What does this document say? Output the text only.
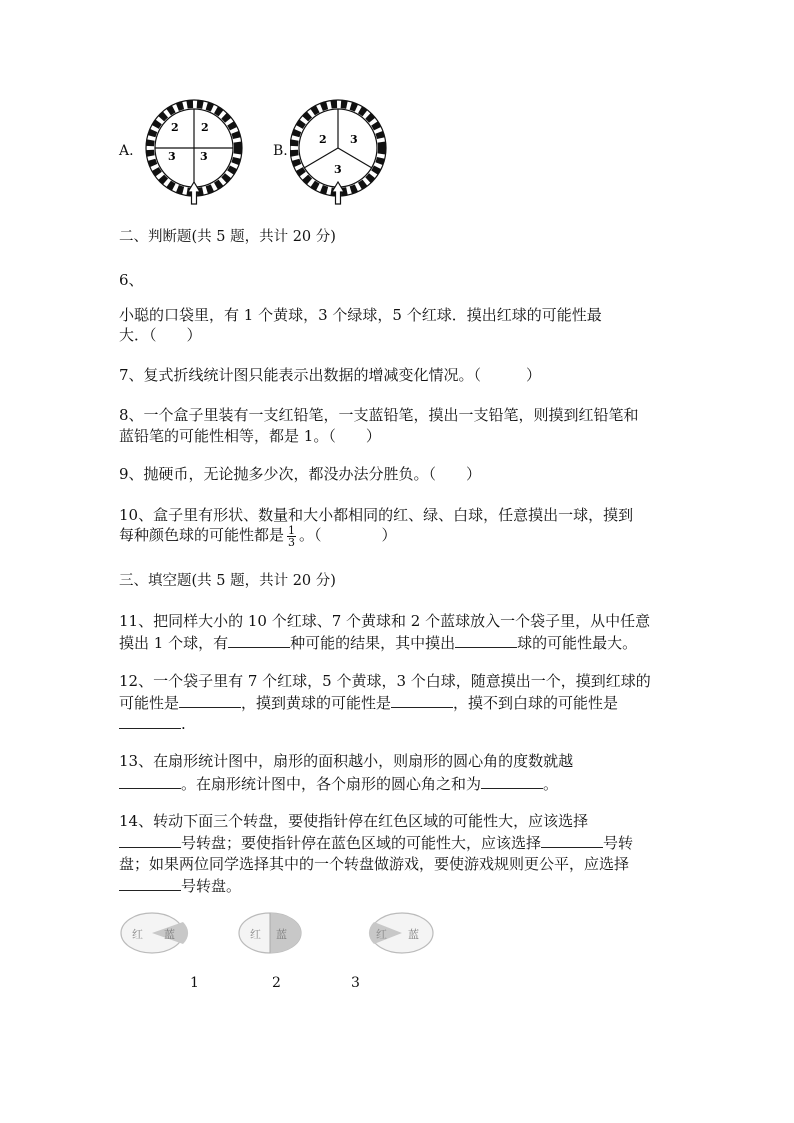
A.
2 2
3 3	B.
2 3
3
二、判断题(共 5 题，共计 20 分)
6、
小聪的口袋里，有 1 个黄球，3 个绿球，5 个红球．摸出红球的可能性最
大．（　　）
7、复式折线统计图只能表示出数据的增减变化情况。（　　　）
8、一个盒子里装有一支红铅笔，一支蓝铅笔，摸出一支铅笔，则摸到红铅笔和
蓝铅笔的可能性相等，都是 1。（　　）
9、抛硬币，无论抛多少次，都没办法分胜负。（　　）
10、盒子里有形状、数量和大小都相同的红、绿、白球，任意摸出一球，摸到
每种颜色球的可能性都是 $\frac{1}{3}$ 。（　　　　）
三、填空题(共 5 题，共计 20 分)
11、把同样大小的 10 个红球、7 个黄球和 2 个蓝球放入一个袋子里，从中任意
摸出 1 个球，有	种可能的结果，其中摸出	球的可能性最大。
12、一个袋子里有 7 个红球，5 个黄球，3 个白球，随意摸出一个，摸到红球的
可能性是	，摸到黄球的可能性是	，摸不到白球的可能性是
.
13、在扇形统计图中，扇形的面积越小，则扇形的圆心角的度数就越
。在扇形统计图中，各个扇形的圆心角之和为	。
14、转动下面三个转盘，要使指针停在红色区域的可能性大，应该选择
号转盘；要使指针停在蓝色区域的可能性大，应该选择	号转
盘；如果两位同学选择其中的一个转盘做游戏，要使游戏规则更公平，应选择
号转盘。
红 蓝
1
红 蓝
2
红 蓝
3
